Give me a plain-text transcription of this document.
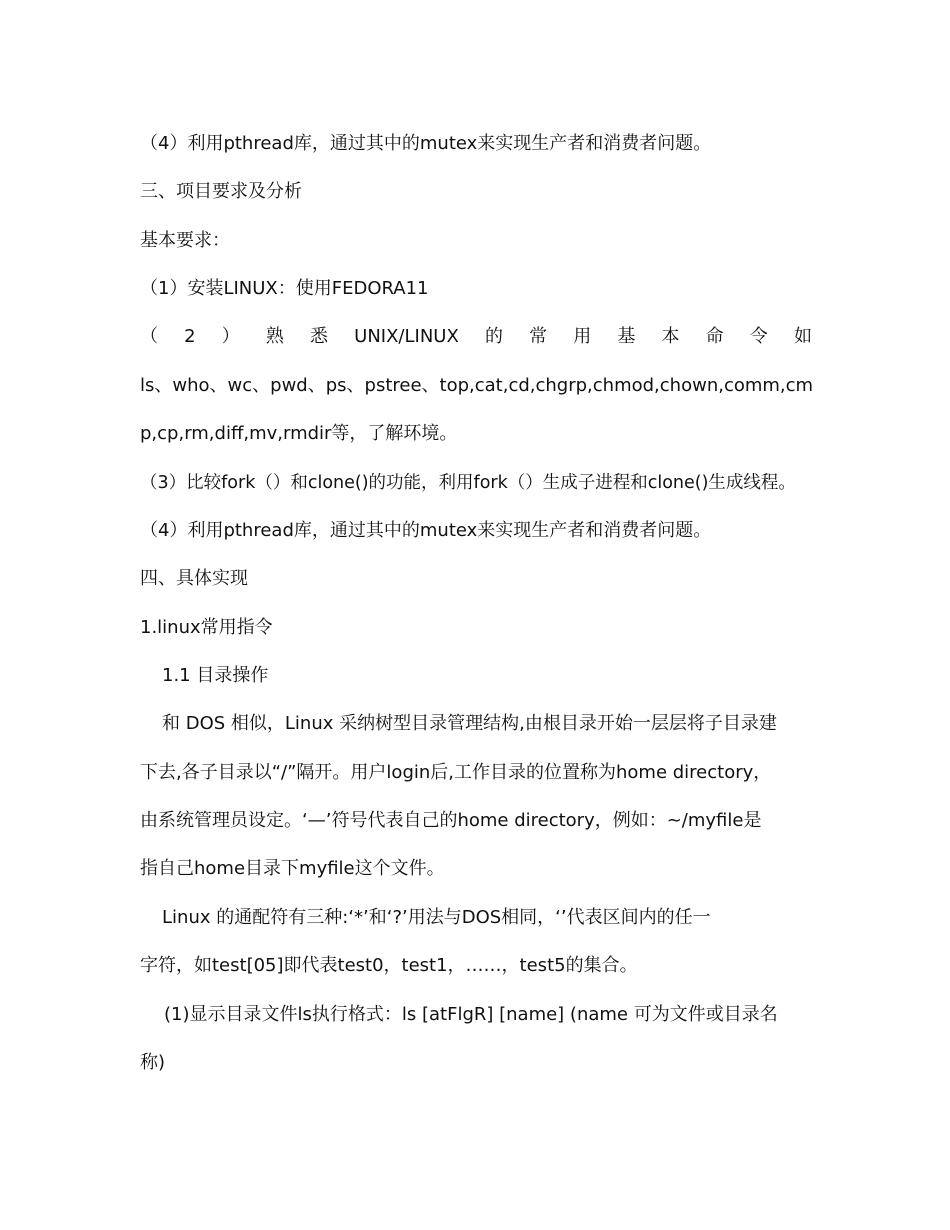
（4）利用pthread库，通过其中的mutex来实现生产者和消费者问题。
三、项目要求及分析
基本要求：
（1）安装LINUX：使用FEDORA11
（ 2 ） 熟 悉 UNIX/LINUX 的 常 用 基 本 命 令 如
ls、who、wc、pwd、ps、pstree、top,cat,cd,chgrp,chmod,chown,comm,cm
p,cp,rm,diff,mv,rmdir等，了解环境。
（3）比较fork（）和clone()的功能，利用fork（）生成子进程和clone()生成线程。
（4）利用pthread库，通过其中的mutex来实现生产者和消费者问题。
四、具体实现
1.linux常用指令
1.1 目录操作
和 DOS 相似，Linux 采纳树型目录管理结构,由根目录开始一层层将子目录建
下去,各子目录以“/”隔开。用户login后,工作目录的位置称为home directory，
由系统管理员设定。‘—’符号代表自己的home directory，例如：~/myfile是
指自己home目录下myfile这个文件。
Linux 的通配符有三种:‘*’和‘?’用法与DOS相同，‘’代表区间内的任一
字符，如test[05]即代表test0，test1，……，test5的集合。
(1)显示目录文件ls执行格式：ls [atFlgR] [name] (name 可为文件或目录名
称)
